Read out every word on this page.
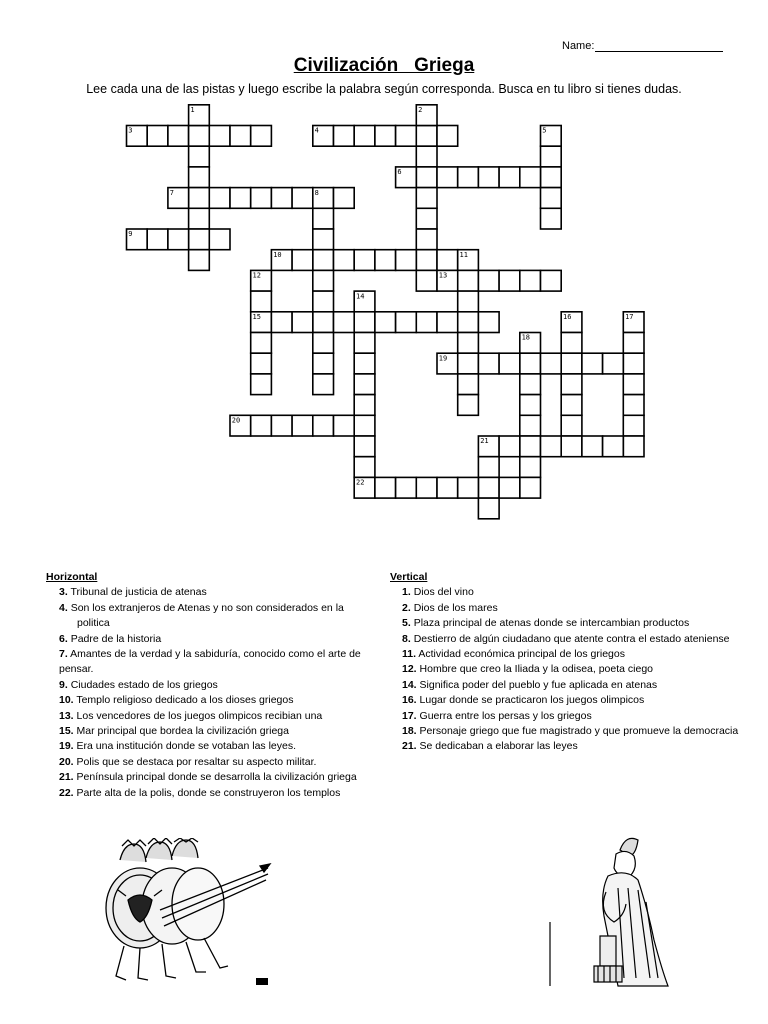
Name:
Civilización   Griega
Lee cada una de las pistas y luego escribe la palabra según corresponda. Busca en tu libro si tienes dudas.
1	2
3	4	5
6
7	8
9
10	11
12	13
14
15	16	17
18
19
20
21
22
Horizontal
3. Tribunal de justicia de atenas
4. Son los extranjeros de Atenas y no son considerados en la politica
6. Padre de la historia
7. Amantes de la verdad y la sabiduría, conocido como el arte de pensar.
9. Ciudades estado de los griegos
10. Templo religioso dedicado a los dioses griegos
13. Los vencedores de los juegos olimpicos recibian una
15. Mar principal que bordea la civilización griega
19. Era una institución donde se votaban las leyes.
20. Polis que se destaca por resaltar su aspecto militar.
21. Península principal donde se desarrolla la civilización griega
22. Parte alta de la polis, donde se construyeron los templos
Vertical
1. Dios del vino
2. Dios de los mares
5. Plaza principal de atenas donde se intercambian productos
8. Destierro de algún ciudadano que atente contra el estado ateniense
11. Actividad económica principal de los griegos
12. Hombre que creo la Iliada y la odisea, poeta ciego
14. Significa poder del pueblo y fue aplicada en atenas
16. Lugar donde se practicaron los juegos olimpicos
17. Guerra entre los persas y los griegos
18. Personaje griego que fue magistrado y que promueve la democracia
21. Se dedicaban a elaborar las leyes
